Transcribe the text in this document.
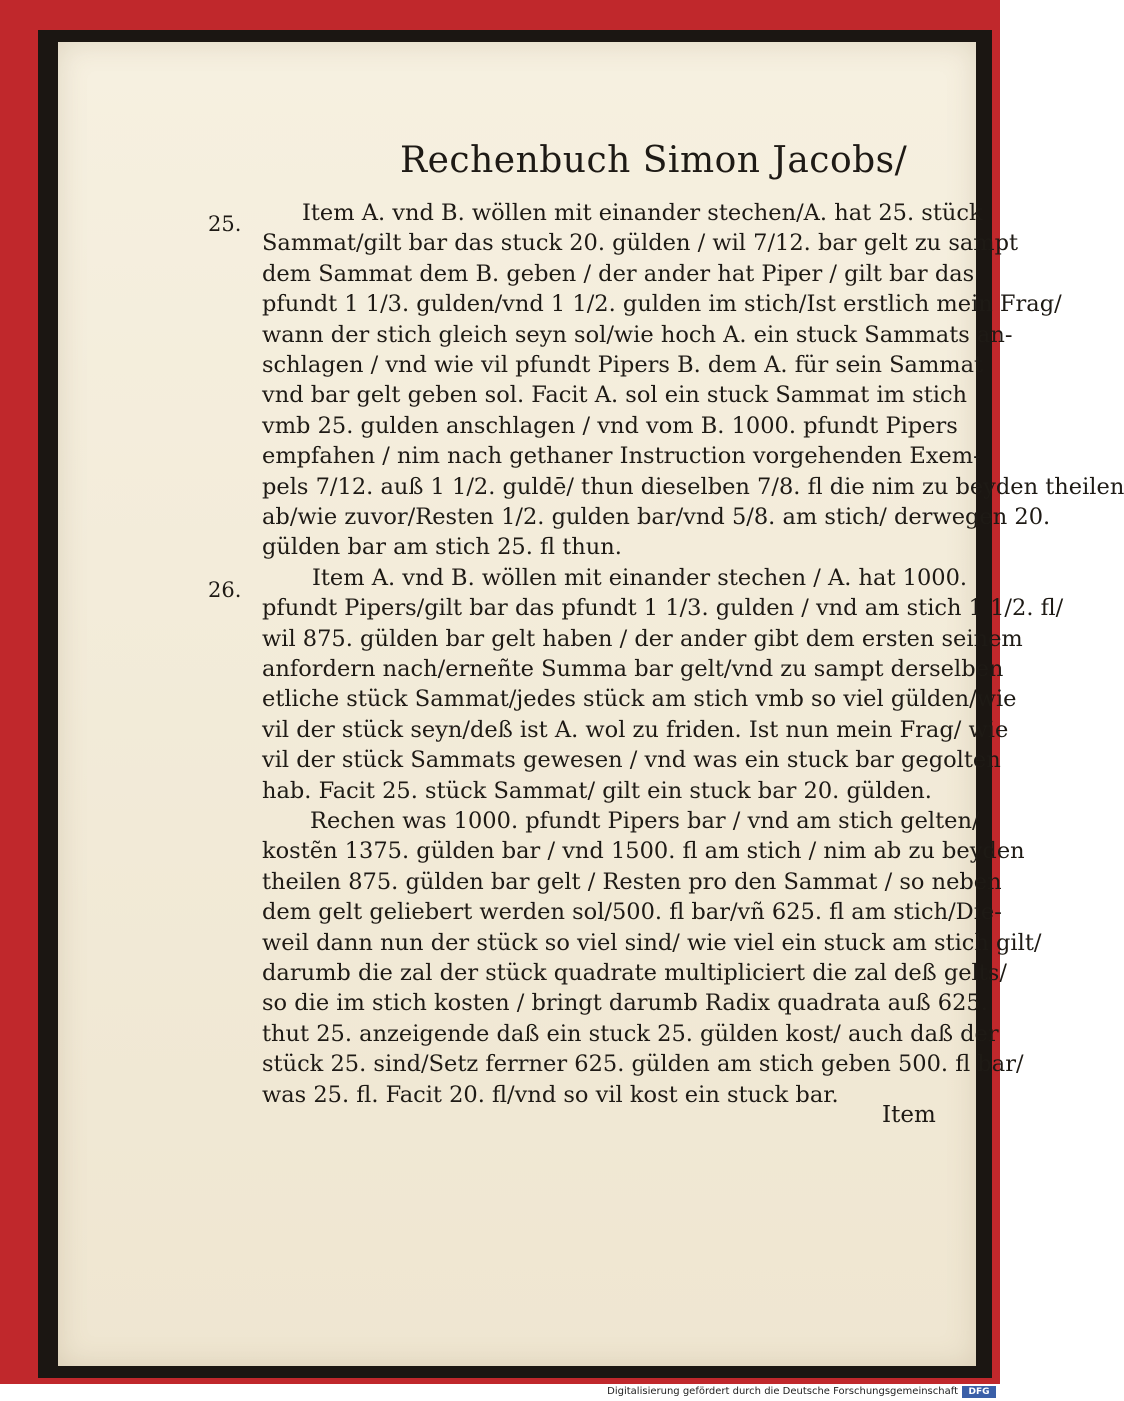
Rechenbuch Simon Jacobs/
25.
26.
Item A. vnd B. wöllen mit einander stechen/A. hat 25. stück
Sammat/gilt bar das stuck 20. gülden / wil 7/12. bar gelt zu sampt
dem Sammat dem B. geben / der ander hat Piper / gilt bar das
pfundt 1 1/3. gulden/vnd 1 1/2. gulden im stich/Ist erstlich mein Frag/
wann der stich gleich seyn sol/wie hoch A. ein stuck Sammats an-
schlagen / vnd wie vil pfundt Pipers B. dem A. für sein Sammat
vnd bar gelt geben sol. Facit A. sol ein stuck Sammat im stich
vmb 25. gulden anschlagen / vnd vom B. 1000. pfundt Pipers
empfahen / nim nach gethaner Instruction vorgehenden Exem-
pels 7/12. auß 1 1/2. guldē/ thun dieselben 7/8. fl die nim zu beyden theilen
ab/wie zuvor/Resten 1/2. gulden bar/vnd 5/8. am stich/ derwegen 20.
gülden bar am stich 25. fl thun.
Item A. vnd B. wöllen mit einander stechen / A. hat 1000.
pfundt Pipers/gilt bar das pfundt 1 1/3. gulden / vnd am stich 1 1/2. fl/
wil 875. gülden bar gelt haben / der ander gibt dem ersten seinem
anfordern nach/erneñte Summa bar gelt/vnd zu sampt derselben
etliche stück Sammat/jedes stück am stich vmb so viel gülden/wie
vil der stück seyn/deß ist A. wol zu friden. Ist nun mein Frag/ wie
vil der stück Sammats gewesen / vnd was ein stuck bar gegolten
hab. Facit 25. stück Sammat/ gilt ein stuck bar 20. gülden.
Rechen was 1000. pfundt Pipers bar / vnd am stich gelten/
kostẽn 1375. gülden bar / vnd 1500. fl am stich / nim ab zu beyden
theilen 875. gülden bar gelt / Resten pro den Sammat / so neben
dem gelt geliebert werden sol/500. fl bar/vñ 625. fl am stich/Die-
weil dann nun der stück so viel sind/ wie viel ein stuck am stich gilt/
darumb die zal der stück quadrate multipliciert die zal deß gelts/
so die im stich kosten / bringt darumb Radix quadrata auß 625.
thut 25. anzeigende daß ein stuck 25. gülden kost/ auch daß der
stück 25. sind/Setz ferrner 625. gülden am stich geben 500. fl bar/
was 25. fl. Facit 20. fl/vnd so vil kost ein stuck bar.
Item
Digitalisierung gefördert durch die Deutsche Forschungsgemeinschaft	DFG
